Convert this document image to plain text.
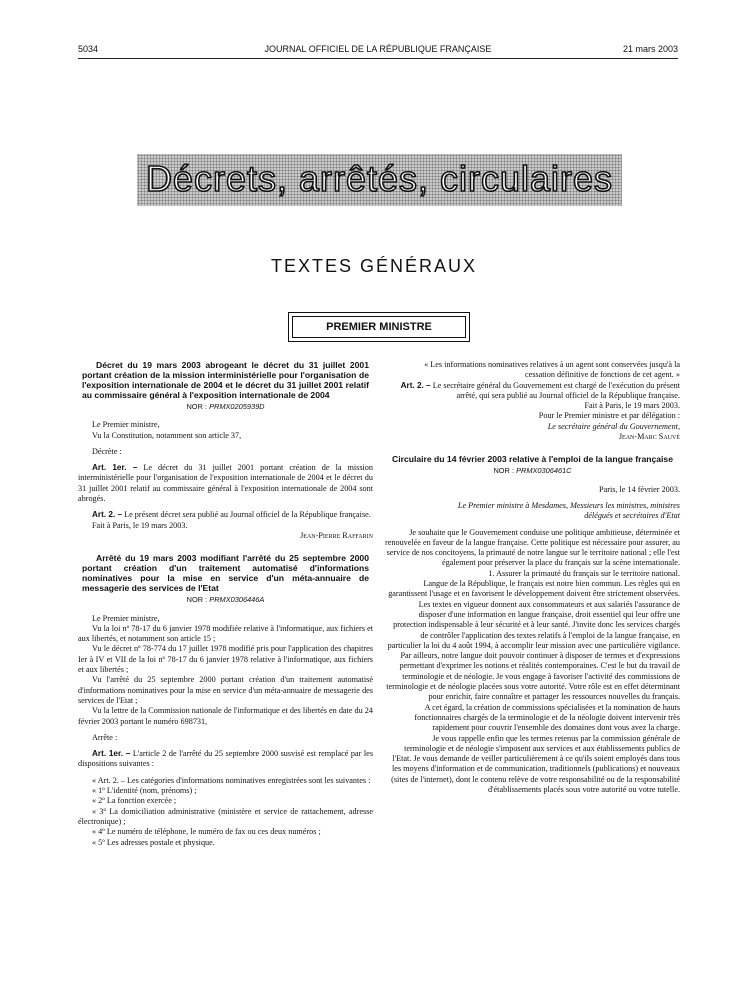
5034	JOURNAL OFFICIEL DE LA RÉPUBLIQUE FRANÇAISE	21 mars 2003
Décrets, arrêtés, circulaires
TEXTES GÉNÉRAUX
PREMIER MINISTRE

Décret du 19 mars 2003 abrogeant le décret du 31 juillet 2001 portant création de la mission interministérielle pour l'organisation de l'exposition internationale de 2004 et le décret du 31 juillet 2001 relatif au commissaire général à l'exposition internationale de 2004

NOR : PRMX0205939D

Le Premier ministre,

Vu la Constitution, notamment son article 37,

Décrète :

Art. 1er. – Le décret du 31 juillet 2001 portant création de la mission interministérielle pour l'organisation de l'exposition internationale de 2004 et le décret du 31 juillet 2001 relatif au commissaire général à l'exposition internationale de 2004 sont abrogés.

Art. 2. – Le présent décret sera publié au Journal officiel de la République française.

Fait à Paris, le 19 mars 2003.

Jean-Pierre Raffarin

Arrêté du 19 mars 2003 modifiant l'arrêté du 25 septembre 2000 portant création d'un traitement automatisé d'informations nominatives pour la mise en service d'un méta-annuaire de messagerie des services de l'Etat

NOR : PRMX0306446A

Le Premier ministre,

Vu la loi nº 78-17 du 6 janvier 1978 modifiée relative à l'informatique, aux fichiers et aux libertés, et notamment son article 15 ;

Vu le décret nº 78-774 du 17 juillet 1978 modifié pris pour l'application des chapitres Ier à IV et VII de la loi nº 78-17 du 6 janvier 1978 relative à l'informatique, aux fichiers et aux libertés ;

Vu l'arrêté du 25 septembre 2000 portant création d'un traitement automatisé d'informations nominatives pour la mise en service d'un méta-annuaire de messagerie des services de l'Etat ;

Vu la lettre de la Commission nationale de l'informatique et des libertés en date du 24 février 2003 portant le numéro 698731,

Arrête :

Art. 1er. – L'article 2 de l'arrêté du 25 septembre 2000 susvisé est remplacé par les dispositions suivantes :

« Art. 2. – Les catégories d'informations nominatives enregistrées sont les suivantes :

« 1º L'identité (nom, prénoms) ;

« 2º La fonction exercée ;

« 3º La domiciliation administrative (ministère et service de rattachement, adresse électronique) ;

« 4º Le numéro de téléphone, le numéro de fax ou ces deux numéros ;

« 5º Les adresses postale et physique.

« Les informations nominatives relatives à un agent sont conservées jusqu'à la cessation définitive de fonctions de cet agent. »

Art. 2. – Le secrétaire général du Gouvernement est chargé de l'exécution du présent arrêté, qui sera publié au Journal officiel de la République française.

Fait à Paris, le 19 mars 2003.

Pour le Premier ministre et par délégation :

Le secrétaire général du Gouvernement,

Jean-Marc Sauvé

Circulaire du 14 février 2003 relative à l'emploi de la langue française

NOR : PRMX0306461C

Paris, le 14 février 2003.

Le Premier ministre à Mesdames, Messieurs les ministres, ministres délégués et secrétaires d'Etat

Je souhaite que le Gouvernement conduise une politique ambitieuse, déterminée et renouvelée en faveur de la langue française. Cette politique est nécessaire pour assurer, au service de nos concitoyens, la primauté de notre langue sur le territoire national ; elle l'est également pour préserver la place du français sur la scène internationale.

1. Assurer la primauté du français sur le territoire national.

Langue de la République, le français est notre bien commun. Les règles qui en garantissent l'usage et en favorisent le développement doivent être strictement observées.

Les textes en vigueur donnent aux consommateurs et aux salariés l'assurance de disposer d'une information en langue française, droit essentiel qui leur offre une protection indispensable à leur sécurité et à leur santé. J'invite donc les services chargés de contrôler l'application des textes relatifs à l'emploi de la langue française, en particulier la loi du 4 août 1994, à accomplir leur mission avec une particulière vigilance.

Par ailleurs, notre langue doit pouvoir continuer à disposer de termes et d'expressions permettant d'exprimer les notions et réalités contemporaines. C'est le but du travail de terminologie et de néologie. Je vous engage à favoriser l'activité des commissions de terminologie et de néologie placées sous votre autorité. Votre rôle est en effet déterminant pour enrichir, faire connaître et partager les ressources nouvelles du français.

A cet égard, la création de commissions spécialisées et la nomination de hauts fonctionnaires chargés de la terminologie et de la néologie doivent intervenir très rapidement pour couvrir l'ensemble des domaines dont vous avez la charge.

Je vous rappelle enfin que les termes retenus par la commission générale de terminologie et de néologie s'imposent aux services et aux établissements publics de l'Etat. Je vous demande de veiller particulièrement à ce qu'ils soient employés dans tous les moyens d'information et de communication, traditionnels (publications) et nouveaux (sites de l'internet), dont le contenu relève de votre responsabilité ou de la responsabilité d'établissements placés sous votre autorité ou votre tutelle.
